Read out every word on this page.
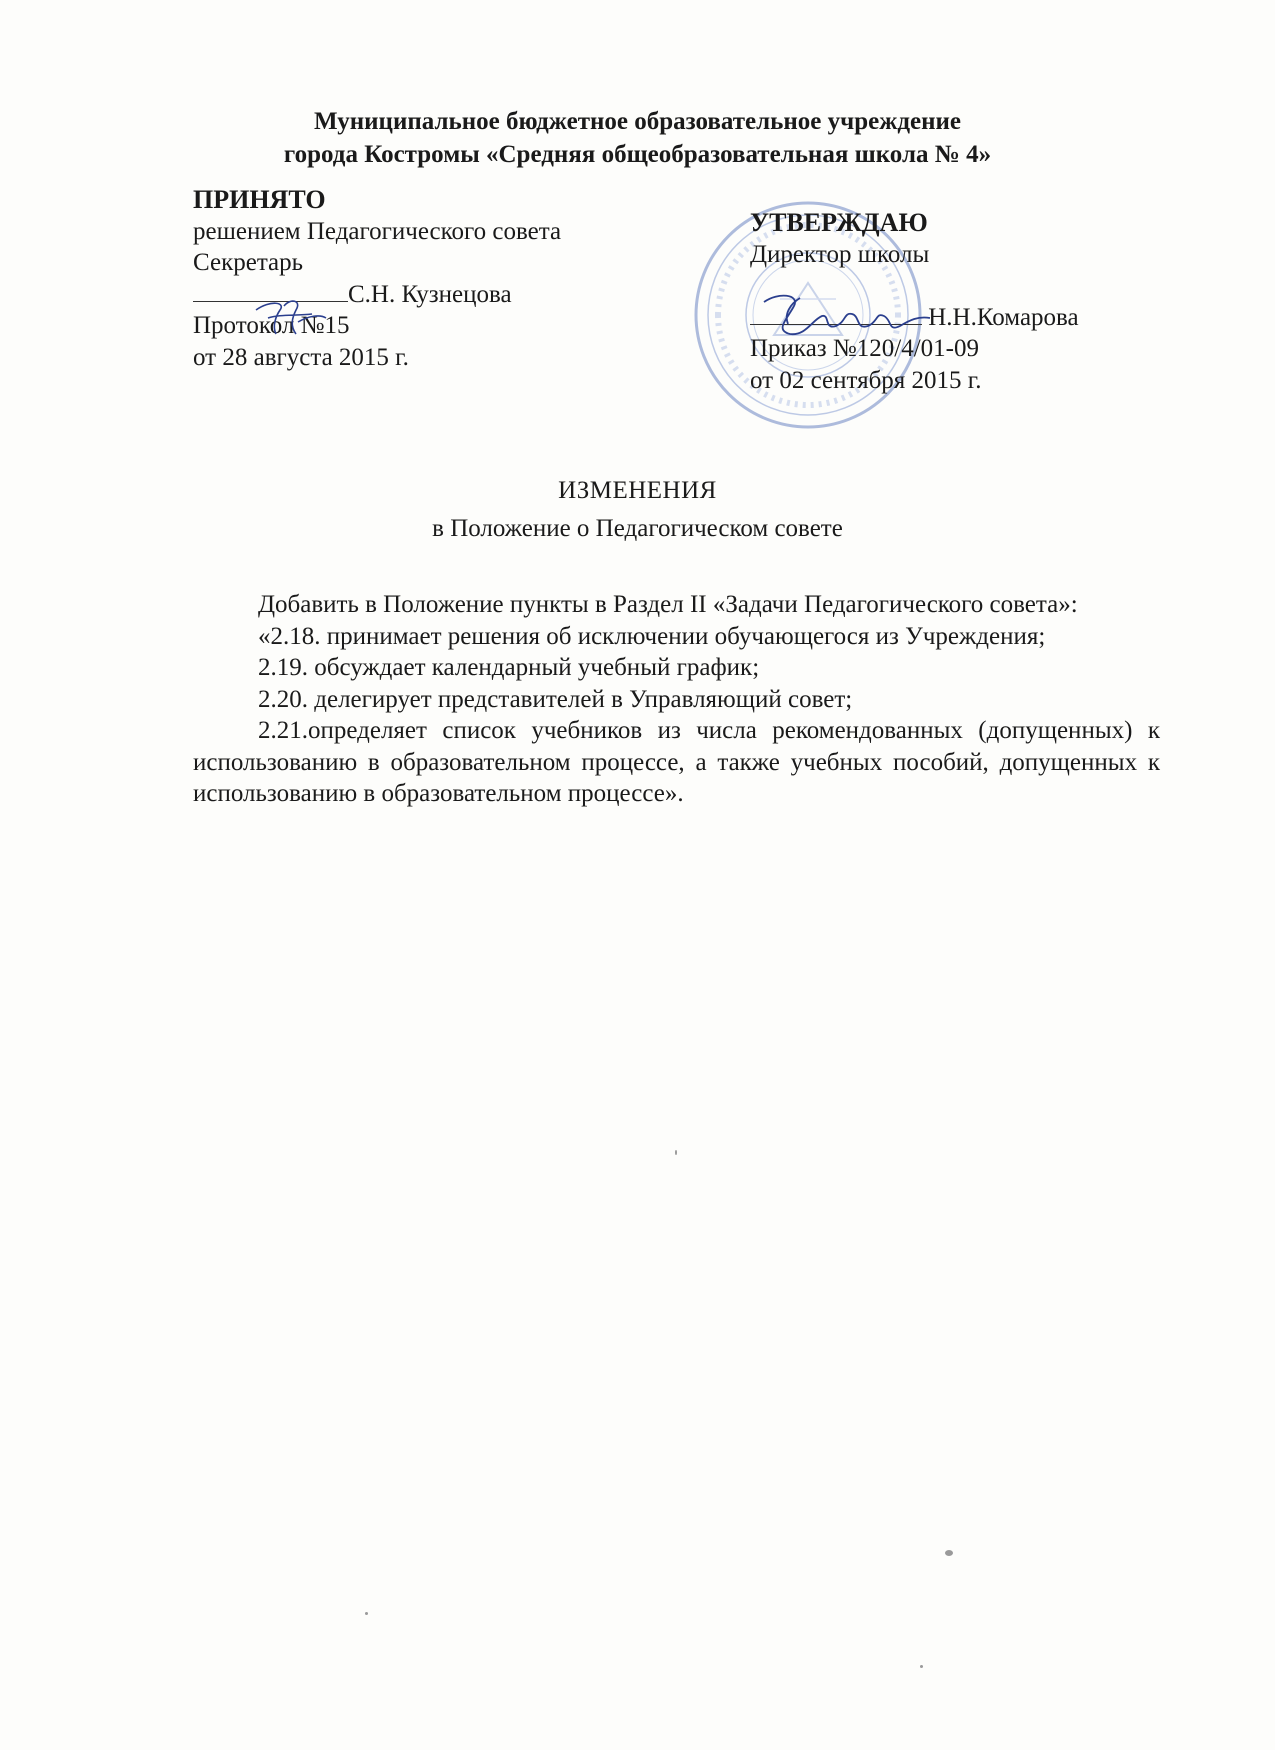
Муниципальное бюджетное образовательное учреждение
города Костромы «Средняя общеобразовательная школа № 4»
ПРИНЯТО
решением Педагогического совета
Секретарь
С.Н. Кузнецова
Протокол №15
от 28 августа 2015 г.
УТВЕРЖДАЮ
Директор школы

Н.Н.Комарова
Приказ №120/4/01-09
от 02 сентября 2015 г.
ИЗМЕНЕНИЯ
в Положение о Педагогическом совете

Добавить в Положение пункты в Раздел II «Задачи Педагогического совета»:

«2.18. принимает решения об исключении обучающегося из Учреждения;

2.19. обсуждает календарный учебный график;

2.20. делегирует представителей в Управляющий совет;

2.21.определяет список учебников из числа рекомендованных (допущенных) к использованию в образовательном процессе, а также учебных пособий, допущенных к использованию в образовательном процессе».
